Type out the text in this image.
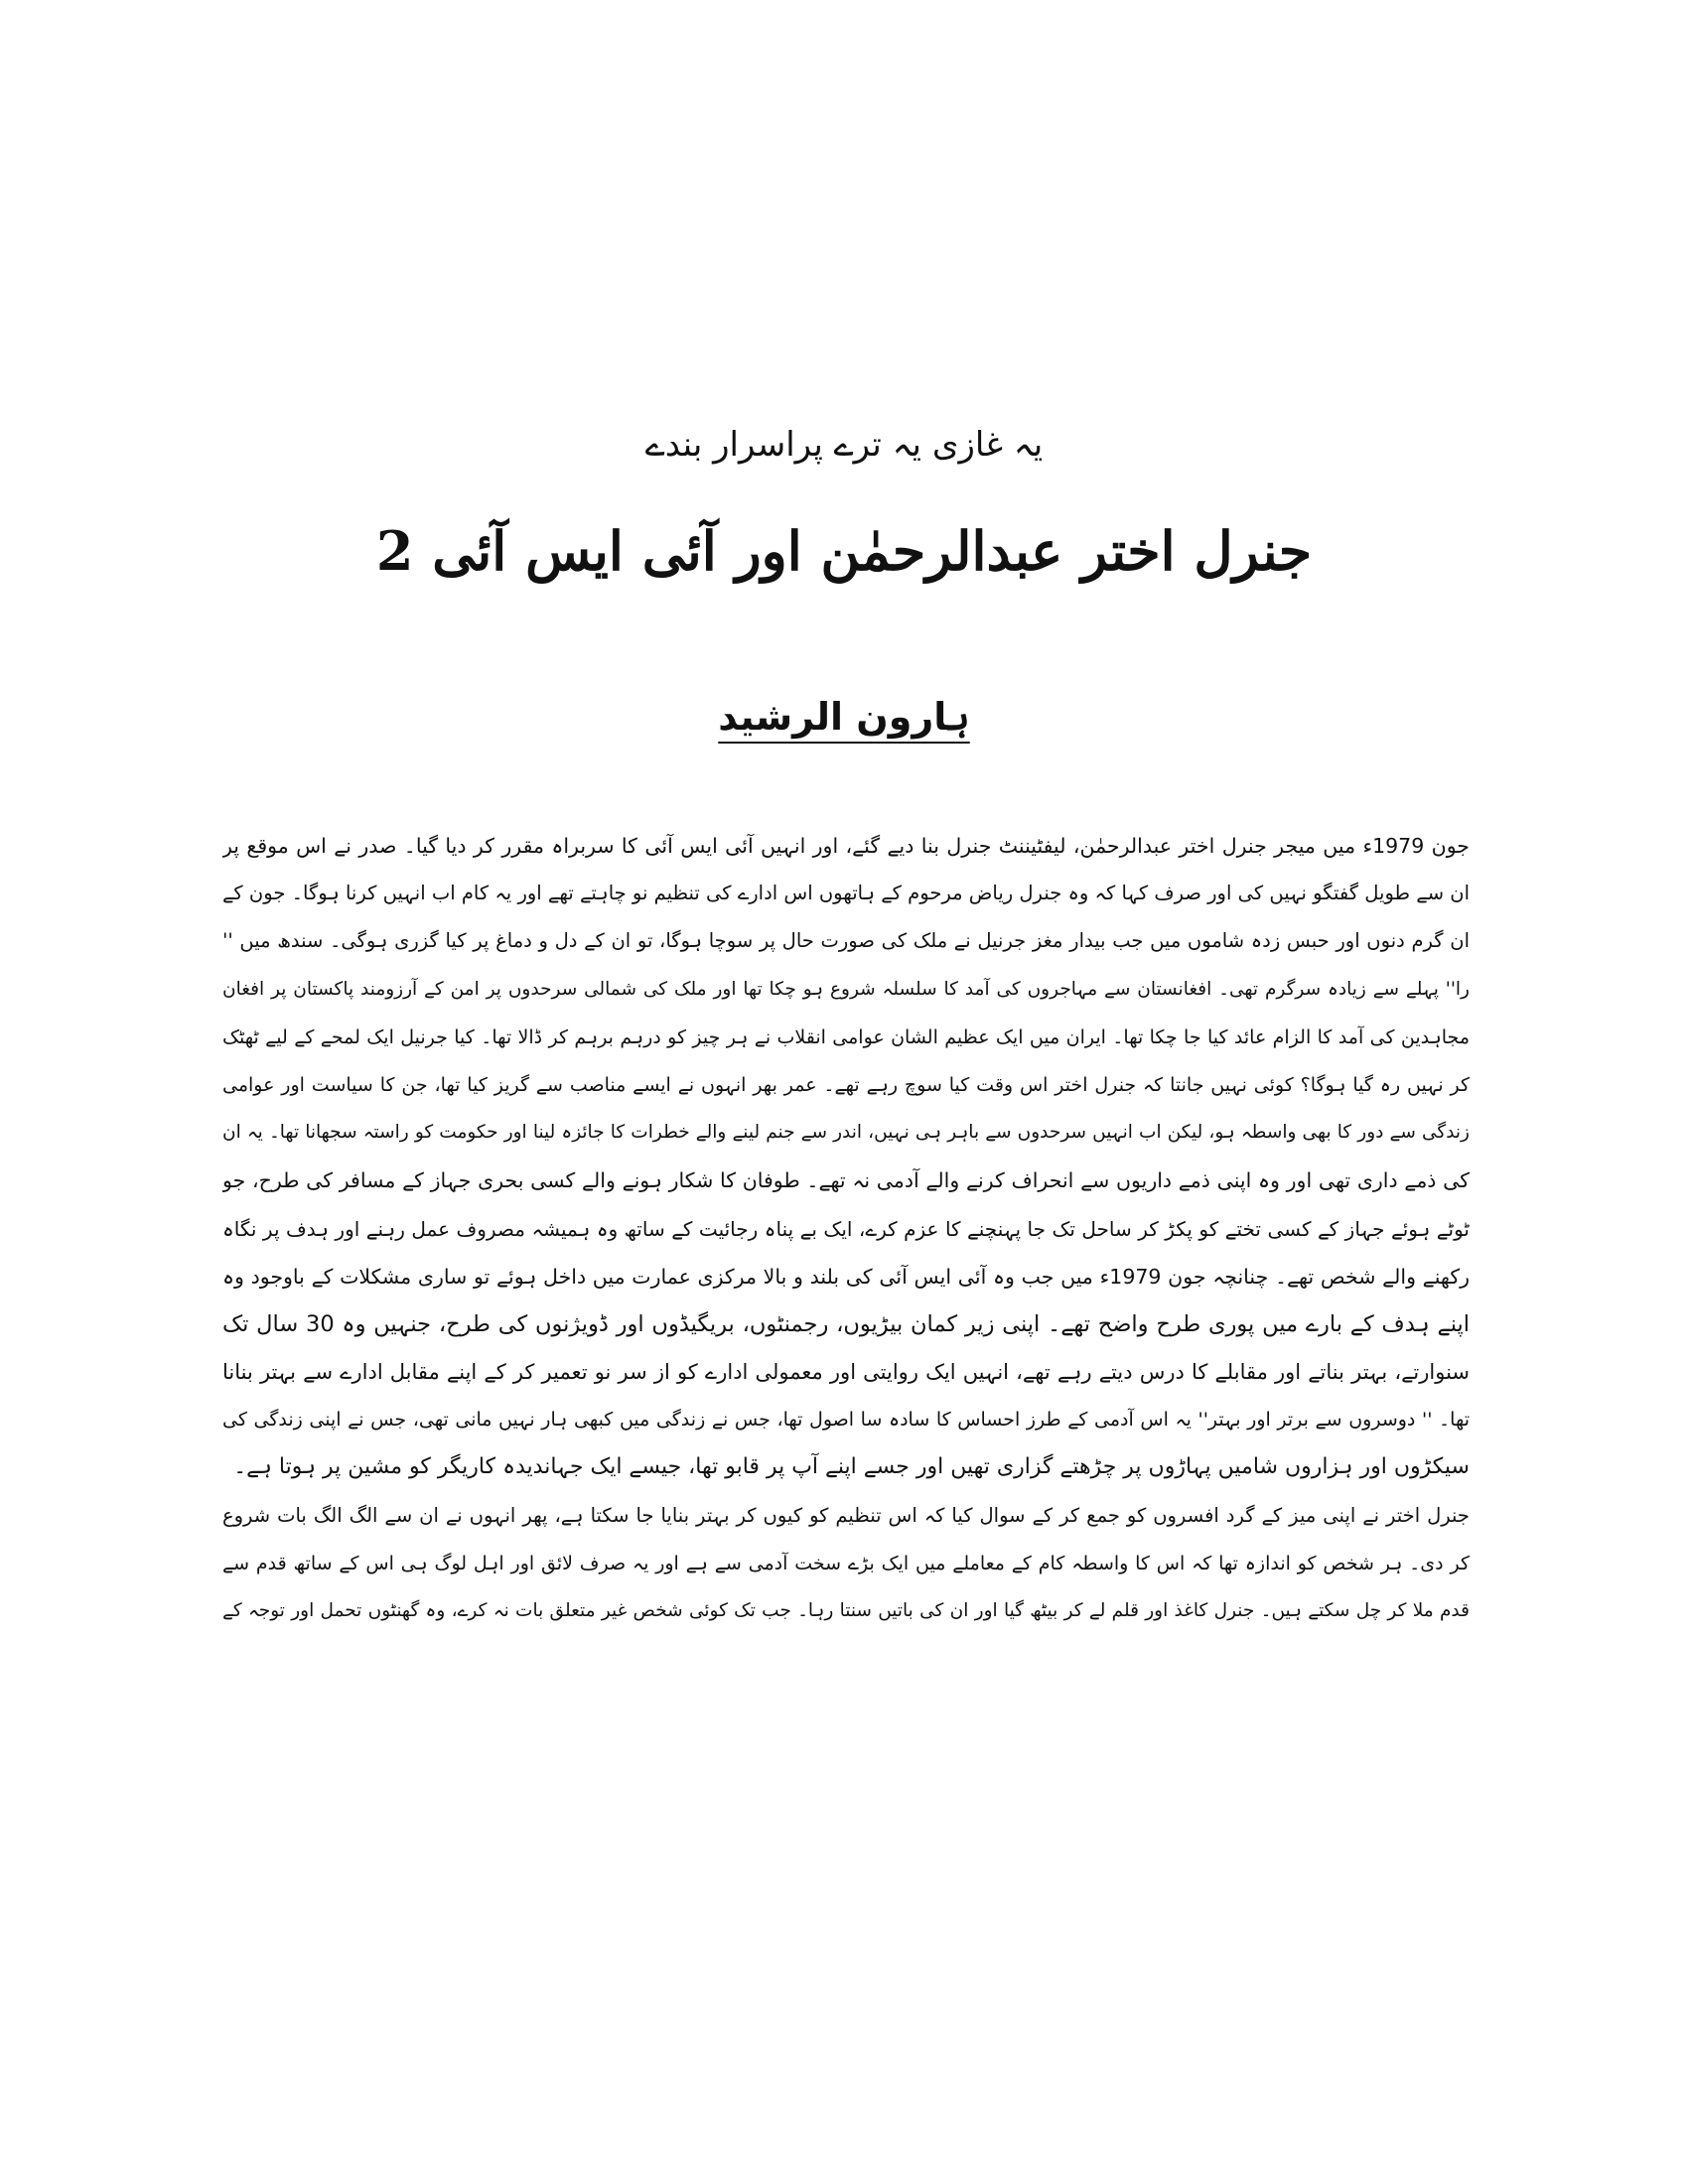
یہ غازی یہ ترے پراسرار بندے
جنرل اختر عبدالرحمٰن اور آئی ایس آئی 2
ہارون الرشید
جون 1979ء میں میجر جنرل اختر عبدالرحمٰن، لیفٹیننٹ جنرل بنا دیے گئے، اور انہیں آئی ایس آئی کا سربراہ مقرر کر دیا گیا۔ صدر نے اس موقع پر
ان سے طویل گفتگو نہیں کی اور صرف کہا کہ وہ جنرل ریاض مرحوم کے ہاتھوں اس ادارے کی تنظیم نو چاہتے تھے اور یہ کام اب انہیں کرنا ہوگا۔ جون کے
ان گرم دنوں اور حبس زدہ شاموں میں جب بیدار مغز جرنیل نے ملک کی صورت حال پر سوچا ہوگا، تو ان کے دل و دماغ پر کیا گزری ہوگی۔ سندھ میں ''
را'' پہلے سے زیادہ سرگرم تھی۔ افغانستان سے مہاجروں کی آمد کا سلسلہ شروع ہو چکا تھا اور ملک کی شمالی سرحدوں پر امن کے آرزومند پاکستان پر افغان
مجاہدین کی آمد کا الزام عائد کیا جا چکا تھا۔ ایران میں ایک عظیم الشان عوامی انقلاب نے ہر چیز کو درہم برہم کر ڈالا تھا۔ کیا جرنیل ایک لمحے کے لیے ٹھٹک
کر نہیں رہ گیا ہوگا؟ کوئی نہیں جانتا کہ جنرل اختر اس وقت کیا سوچ رہے تھے۔ عمر بھر انہوں نے ایسے مناصب سے گریز کیا تھا، جن کا سیاست اور عوامی
زندگی سے دور کا بھی واسطہ ہو، لیکن اب انہیں سرحدوں سے باہر ہی نہیں، اندر سے جنم لینے والے خطرات کا جائزہ لینا اور حکومت کو راستہ سجھانا تھا۔ یہ ان
کی ذمے داری تھی اور وہ اپنی ذمے داریوں سے انحراف کرنے والے آدمی نہ تھے۔ طوفان کا شکار ہونے والے کسی بحری جہاز کے مسافر کی طرح، جو
ٹوٹے ہوئے جہاز کے کسی تختے کو پکڑ کر ساحل تک جا پہنچنے کا عزم کرے، ایک بے پناہ رجائیت کے ساتھ وہ ہمیشہ مصروف عمل رہنے اور ہدف پر نگاہ
رکھنے والے شخص تھے۔ چنانچہ جون 1979ء میں جب وہ آئی ایس آئی کی بلند و بالا مرکزی عمارت میں داخل ہوئے تو ساری مشکلات کے باوجود وہ
اپنے ہدف کے بارے میں پوری طرح واضح تھے۔ اپنی زیر کمان بیڑیوں، رجمنٹوں، بریگیڈوں اور ڈویژنوں کی طرح، جنہیں وہ 30 سال تک
سنوارتے، بہتر بناتے اور مقابلے کا درس دیتے رہے تھے، انہیں ایک روایتی اور معمولی ادارے کو از سر نو تعمیر کر کے اپنے مقابل ادارے سے بہتر بنانا
تھا۔ '' دوسروں سے برتر اور بہتر'' یہ اس آدمی کے طرز احساس کا سادہ سا اصول تھا، جس نے زندگی میں کبھی ہار نہیں مانی تھی، جس نے اپنی زندگی کی
سیکڑوں اور ہزاروں شامیں پہاڑوں پر چڑھتے گزاری تھیں اور جسے اپنے آپ پر قابو تھا، جیسے ایک جہاندیدہ کاریگر کو مشین پر ہوتا ہے۔
جنرل اختر نے اپنی میز کے گرد افسروں کو جمع کر کے سوال کیا کہ اس تنظیم کو کیوں کر بہتر بنایا جا سکتا ہے، پھر انہوں نے ان سے الگ الگ بات شروع
کر دی۔ ہر شخص کو اندازہ تھا کہ اس کا واسطہ کام کے معاملے میں ایک بڑے سخت آدمی سے ہے اور یہ صرف لائق اور اہل لوگ ہی اس کے ساتھ قدم سے
قدم ملا کر چل سکتے ہیں۔ جنرل کاغذ اور قلم لے کر بیٹھ گیا اور ان کی باتیں سنتا رہا۔ جب تک کوئی شخص غیر متعلق بات نہ کرے، وہ گھنٹوں تحمل اور توجہ کے
